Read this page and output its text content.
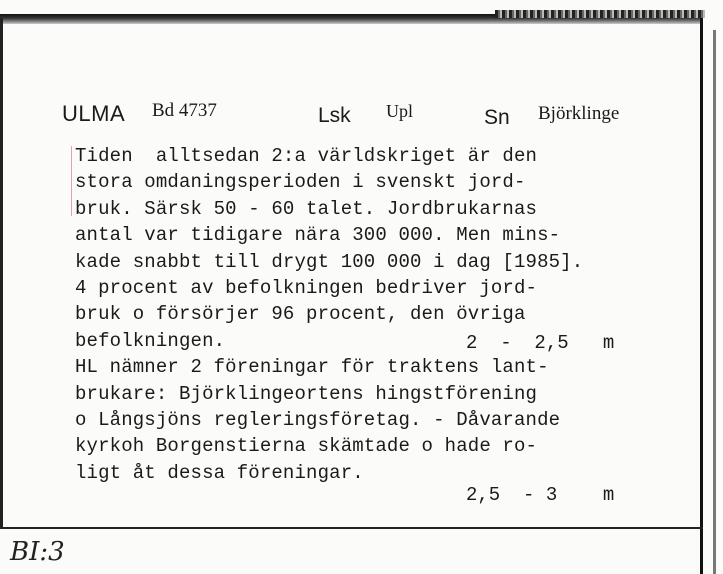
ULMA Bd 4737	Lsk Upl	Sn Björklinge
Tiden  alltsedan 2:a världskriget är den
stora omdaningsperioden i svenskt jord-
bruk. Särsk 50 - 60 talet. Jordbrukarnas
antal var tidigare nära 300 000. Men mins-
kade snabbt till drygt 100 000 i dag [1985].
4 procent av befolkningen bedriver jord-
bruk o försörjer 96 procent, den övriga
befolkningen.
HL nämner 2 föreningar för traktens lant-
brukare: Björklingeortens hingstförening
o Långsjöns regleringsföretag. - Dåvarande
kyrkoh Borgenstierna skämtade o hade ro-
ligt åt dessa föreningar.
2  -  2,5   m
2,5  - 3    m
BI:3
